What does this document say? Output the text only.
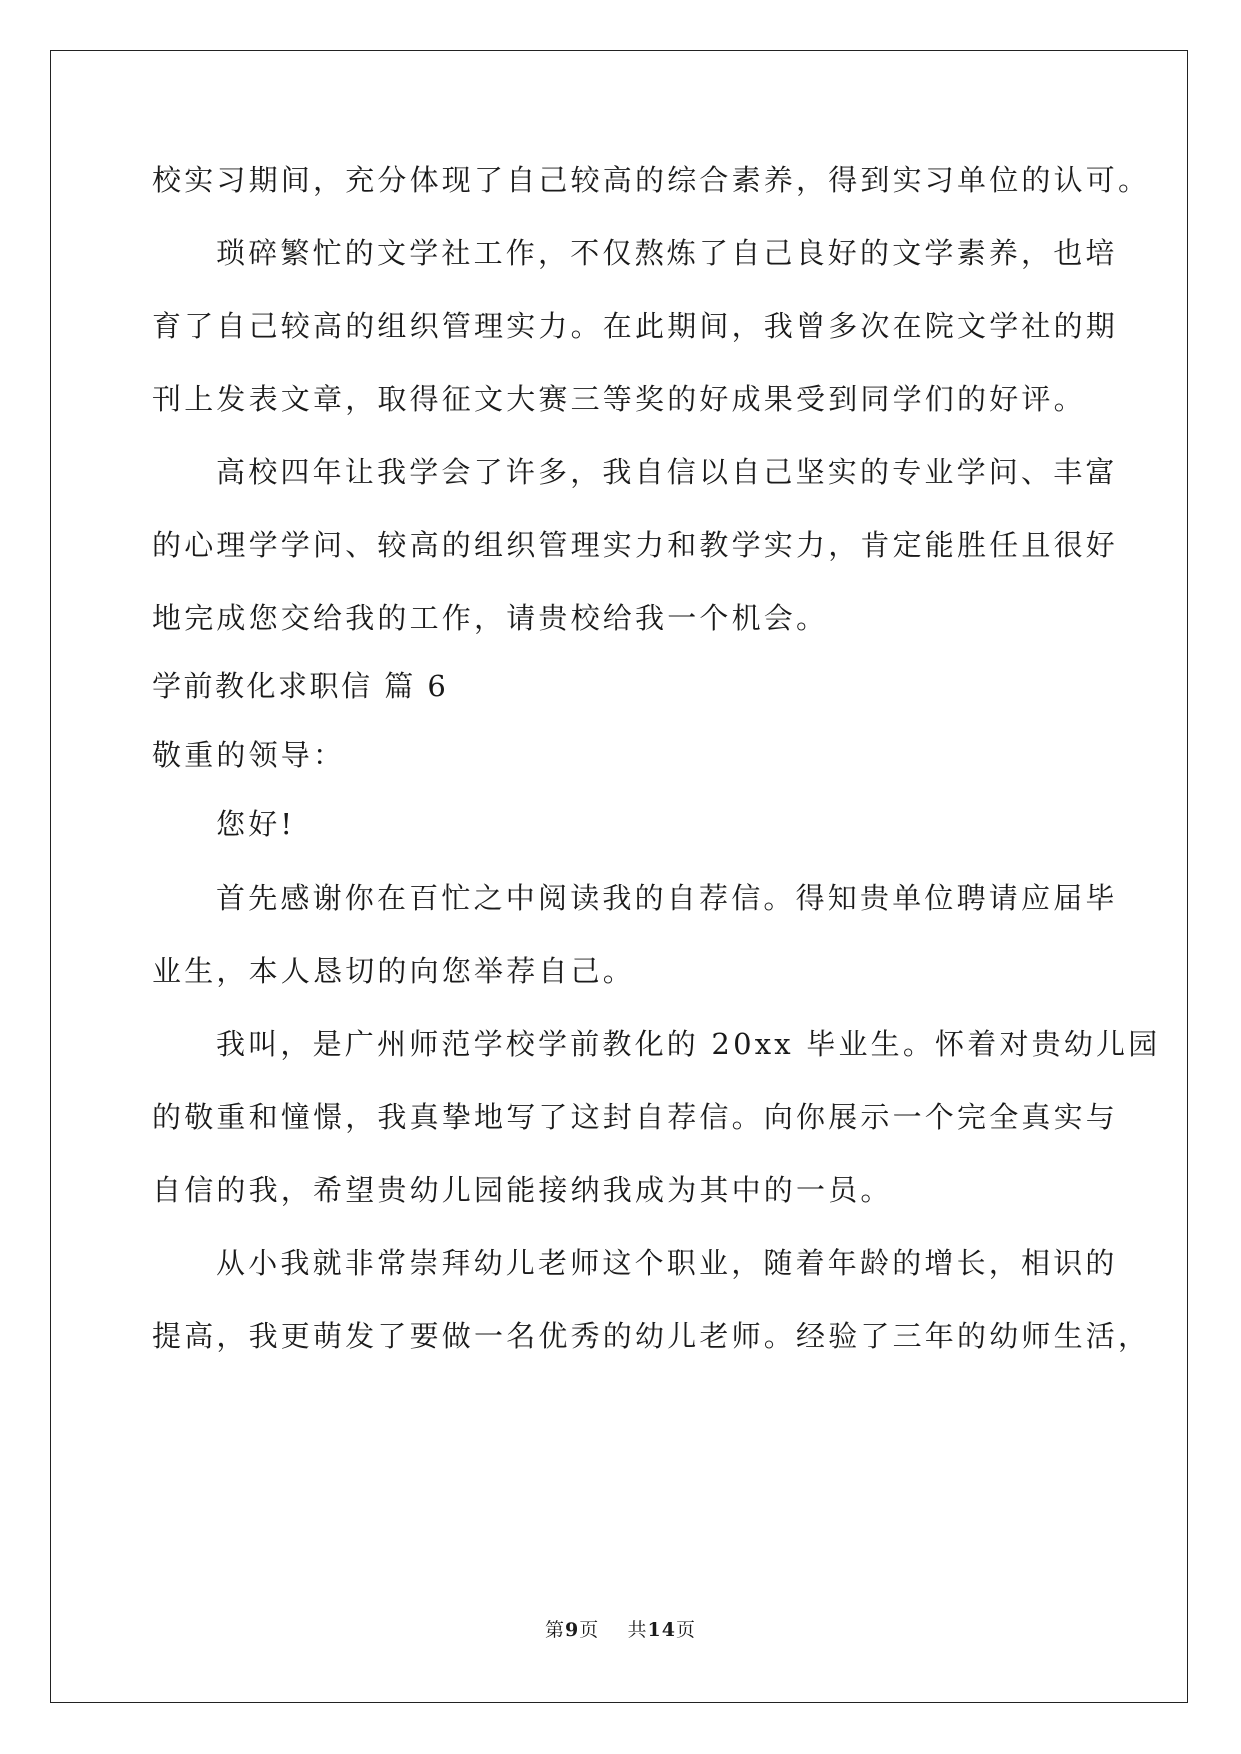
校实习期间，充分体现了自己较高的综合素养，得到实习单位的认可。
琐碎繁忙的文学社工作，不仅熬炼了自己良好的文学素养，也培
育了自己较高的组织管理实力。在此期间，我曾多次在院文学社的期
刊上发表文章，取得征文大赛三等奖的好成果受到同学们的好评。
高校四年让我学会了许多，我自信以自己坚实的专业学问、丰富
的心理学学问、较高的组织管理实力和教学实力，肯定能胜任且很好
地完成您交给我的工作，请贵校给我一个机会。
学前教化求职信 篇 6
敬重的领导：
您好!
首先感谢你在百忙之中阅读我的自荐信。得知贵单位聘请应届毕
业生，本人恳切的向您举荐自己。
我叫，是广州师范学校学前教化的 20xx 毕业生。怀着对贵幼儿园
的敬重和憧憬，我真挚地写了这封自荐信。向你展示一个完全真实与
自信的我，希望贵幼儿园能接纳我成为其中的一员。
从小我就非常崇拜幼儿老师这个职业，随着年龄的增长，相识的
提高，我更萌发了要做一名优秀的幼儿老师。经验了三年的幼师生活，
第9页 共14页
